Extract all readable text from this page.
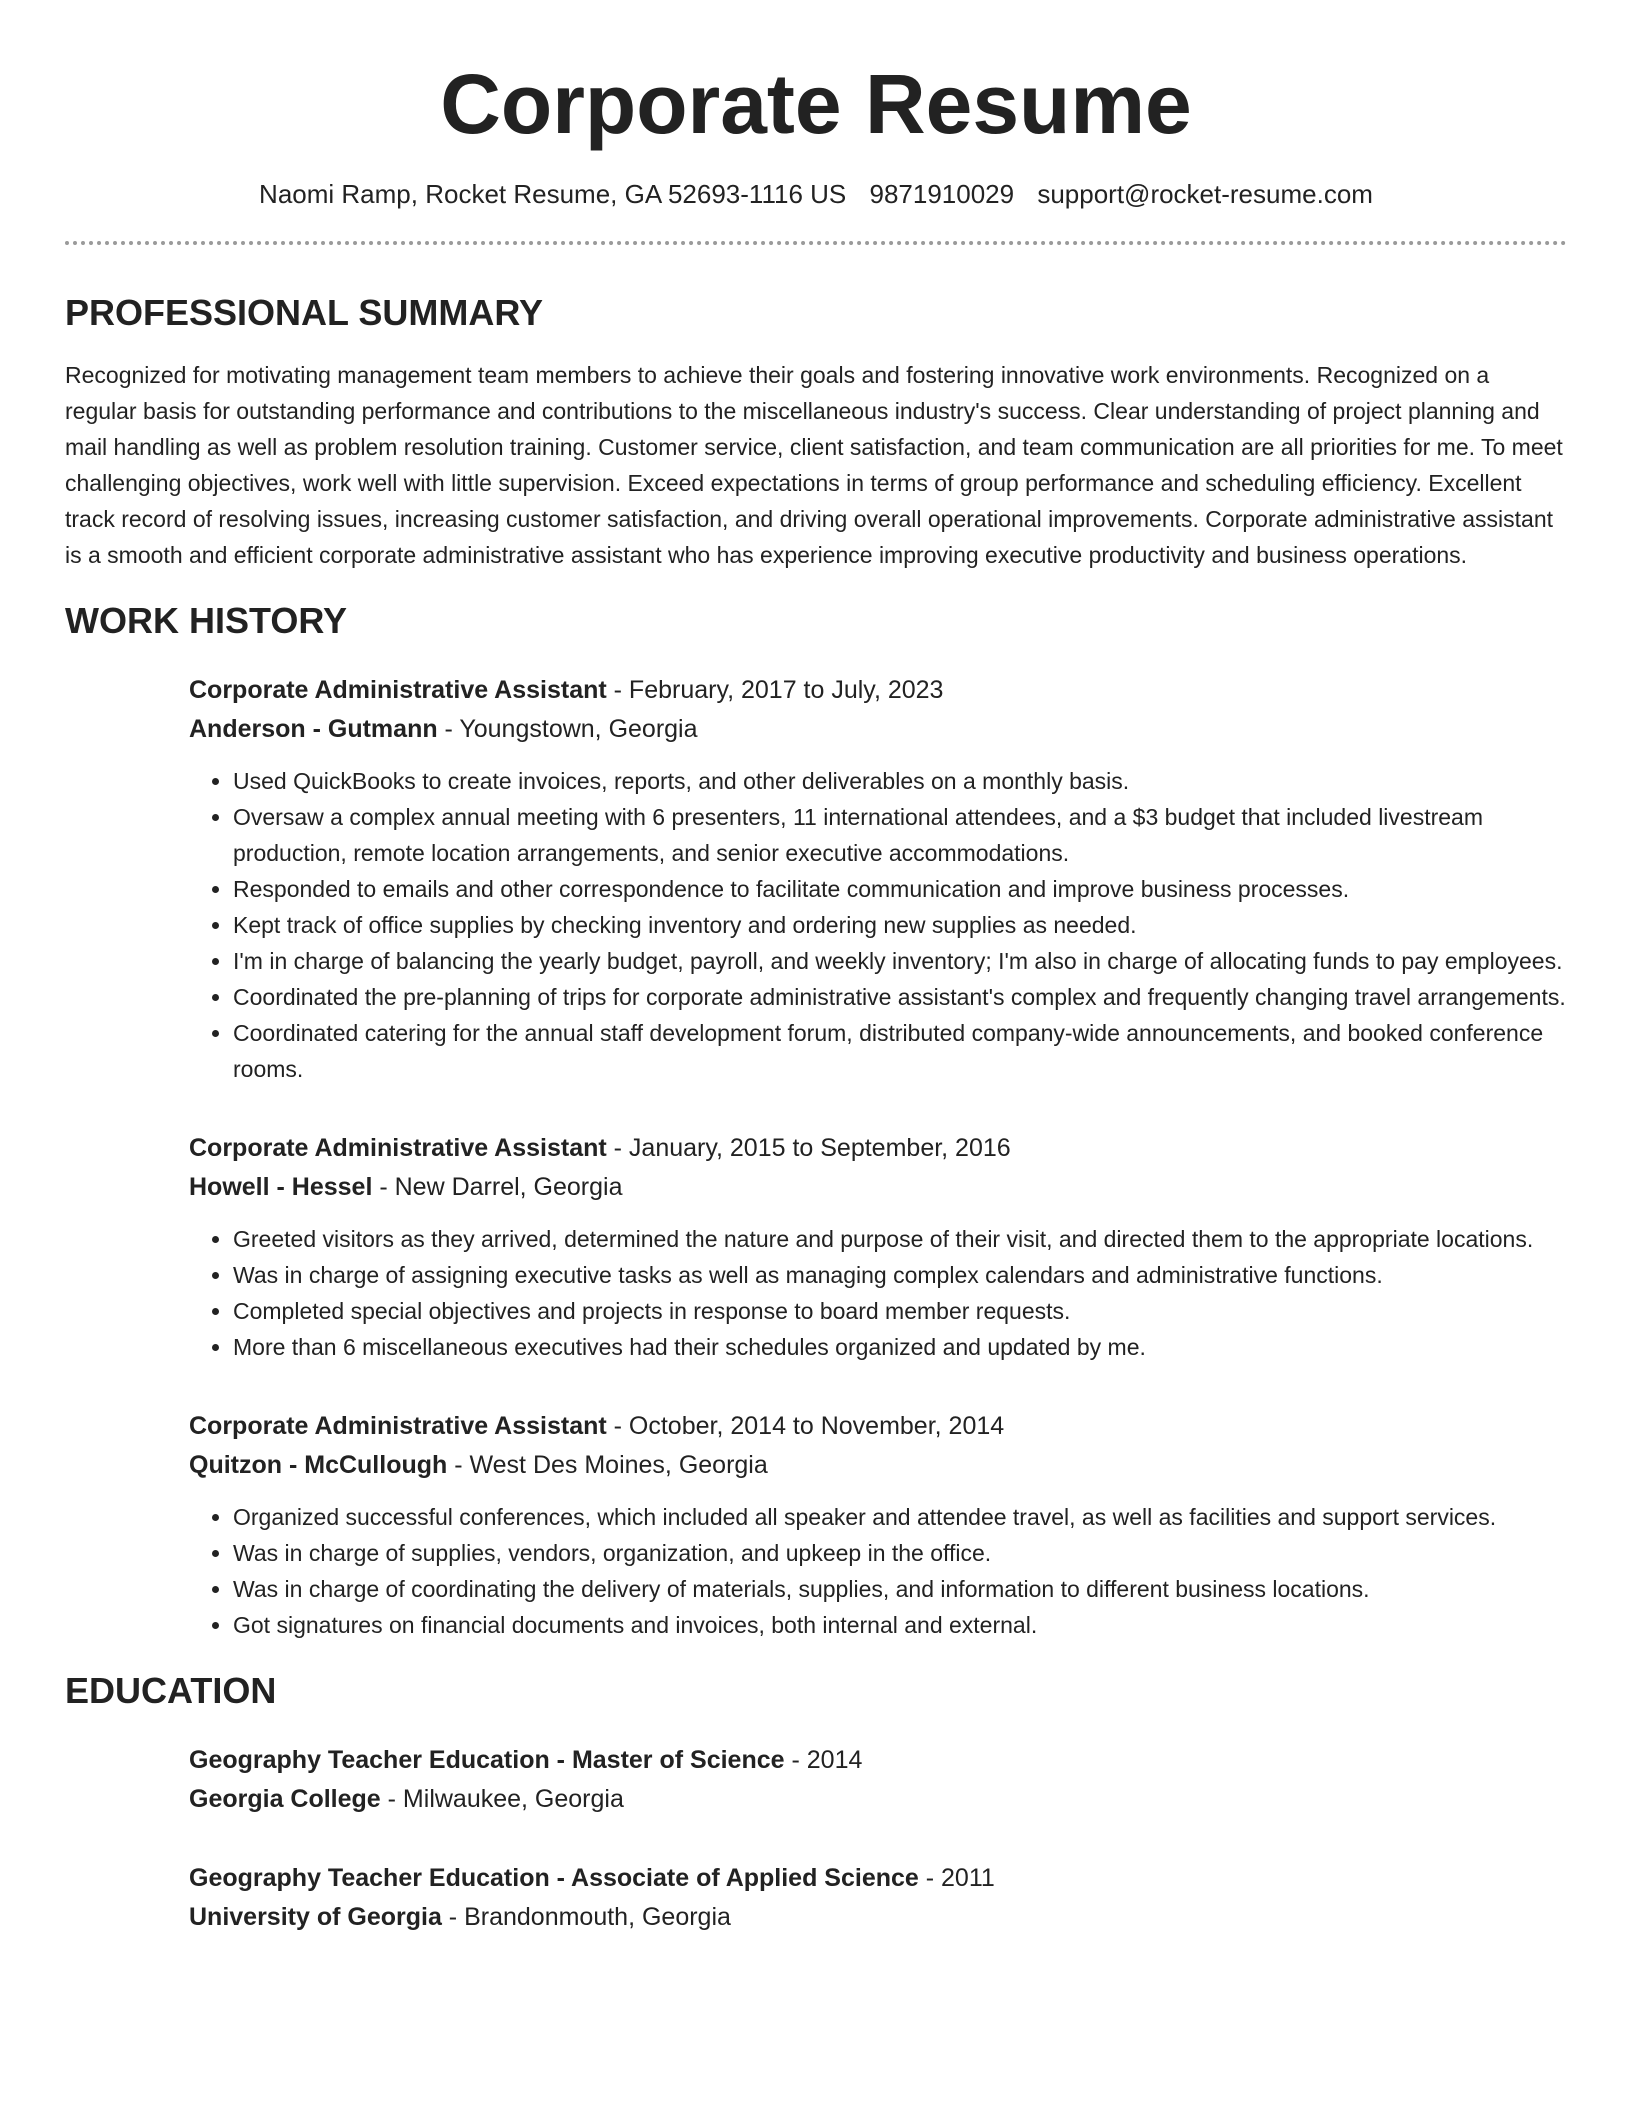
Corporate Resume
Naomi Ramp, Rocket Resume, GA 52693-1116 US 9871910029 support@rocket-resume.com
PROFESSIONAL SUMMARY

Recognized for motivating management team members to achieve their goals and fostering innovative work environments. Recognized on a regular basis for outstanding performance and contributions to the miscellaneous industry's success. Clear understanding of project planning and mail handling as well as problem resolution training. Customer service, client satisfaction, and team communication are all priorities for me. To meet challenging objectives, work well with little supervision. Exceed expectations in terms of group performance and scheduling efficiency. Excellent track record of resolving issues, increasing customer satisfaction, and driving overall operational improvements. Corporate administrative assistant is a smooth and efficient corporate administrative assistant who has experience improving executive productivity and business operations.

WORK HISTORY
Corporate Administrative Assistant - February, 2017 to July, 2023
Anderson - Gutmann - Youngstown, Georgia
• Used QuickBooks to create invoices, reports, and other deliverables on a monthly basis.
• Oversaw a complex annual meeting with 6 presenters, 11 international attendees, and a $3 budget that included livestream production, remote location arrangements, and senior executive accommodations.
• Responded to emails and other correspondence to facilitate communication and improve business processes.
• Kept track of office supplies by checking inventory and ordering new supplies as needed.
• I'm in charge of balancing the yearly budget, payroll, and weekly inventory; I'm also in charge of allocating funds to pay employees.
• Coordinated the pre-planning of trips for corporate administrative assistant's complex and frequently changing travel arrangements.
• Coordinated catering for the annual staff development forum, distributed company-wide announcements, and booked conference rooms.
Corporate Administrative Assistant - January, 2015 to September, 2016
Howell - Hessel - New Darrel, Georgia
• Greeted visitors as they arrived, determined the nature and purpose of their visit, and directed them to the appropriate locations.
• Was in charge of assigning executive tasks as well as managing complex calendars and administrative functions.
• Completed special objectives and projects in response to board member requests.
• More than 6 miscellaneous executives had their schedules organized and updated by me.
Corporate Administrative Assistant - October, 2014 to November, 2014
Quitzon - McCullough - West Des Moines, Georgia
• Organized successful conferences, which included all speaker and attendee travel, as well as facilities and support services.
• Was in charge of supplies, vendors, organization, and upkeep in the office.
• Was in charge of coordinating the delivery of materials, supplies, and information to different business locations.
• Got signatures on financial documents and invoices, both internal and external.
EDUCATION
Geography Teacher Education - Master of Science - 2014
Georgia College - Milwaukee, Georgia
Geography Teacher Education - Associate of Applied Science - 2011
University of Georgia - Brandonmouth, Georgia
